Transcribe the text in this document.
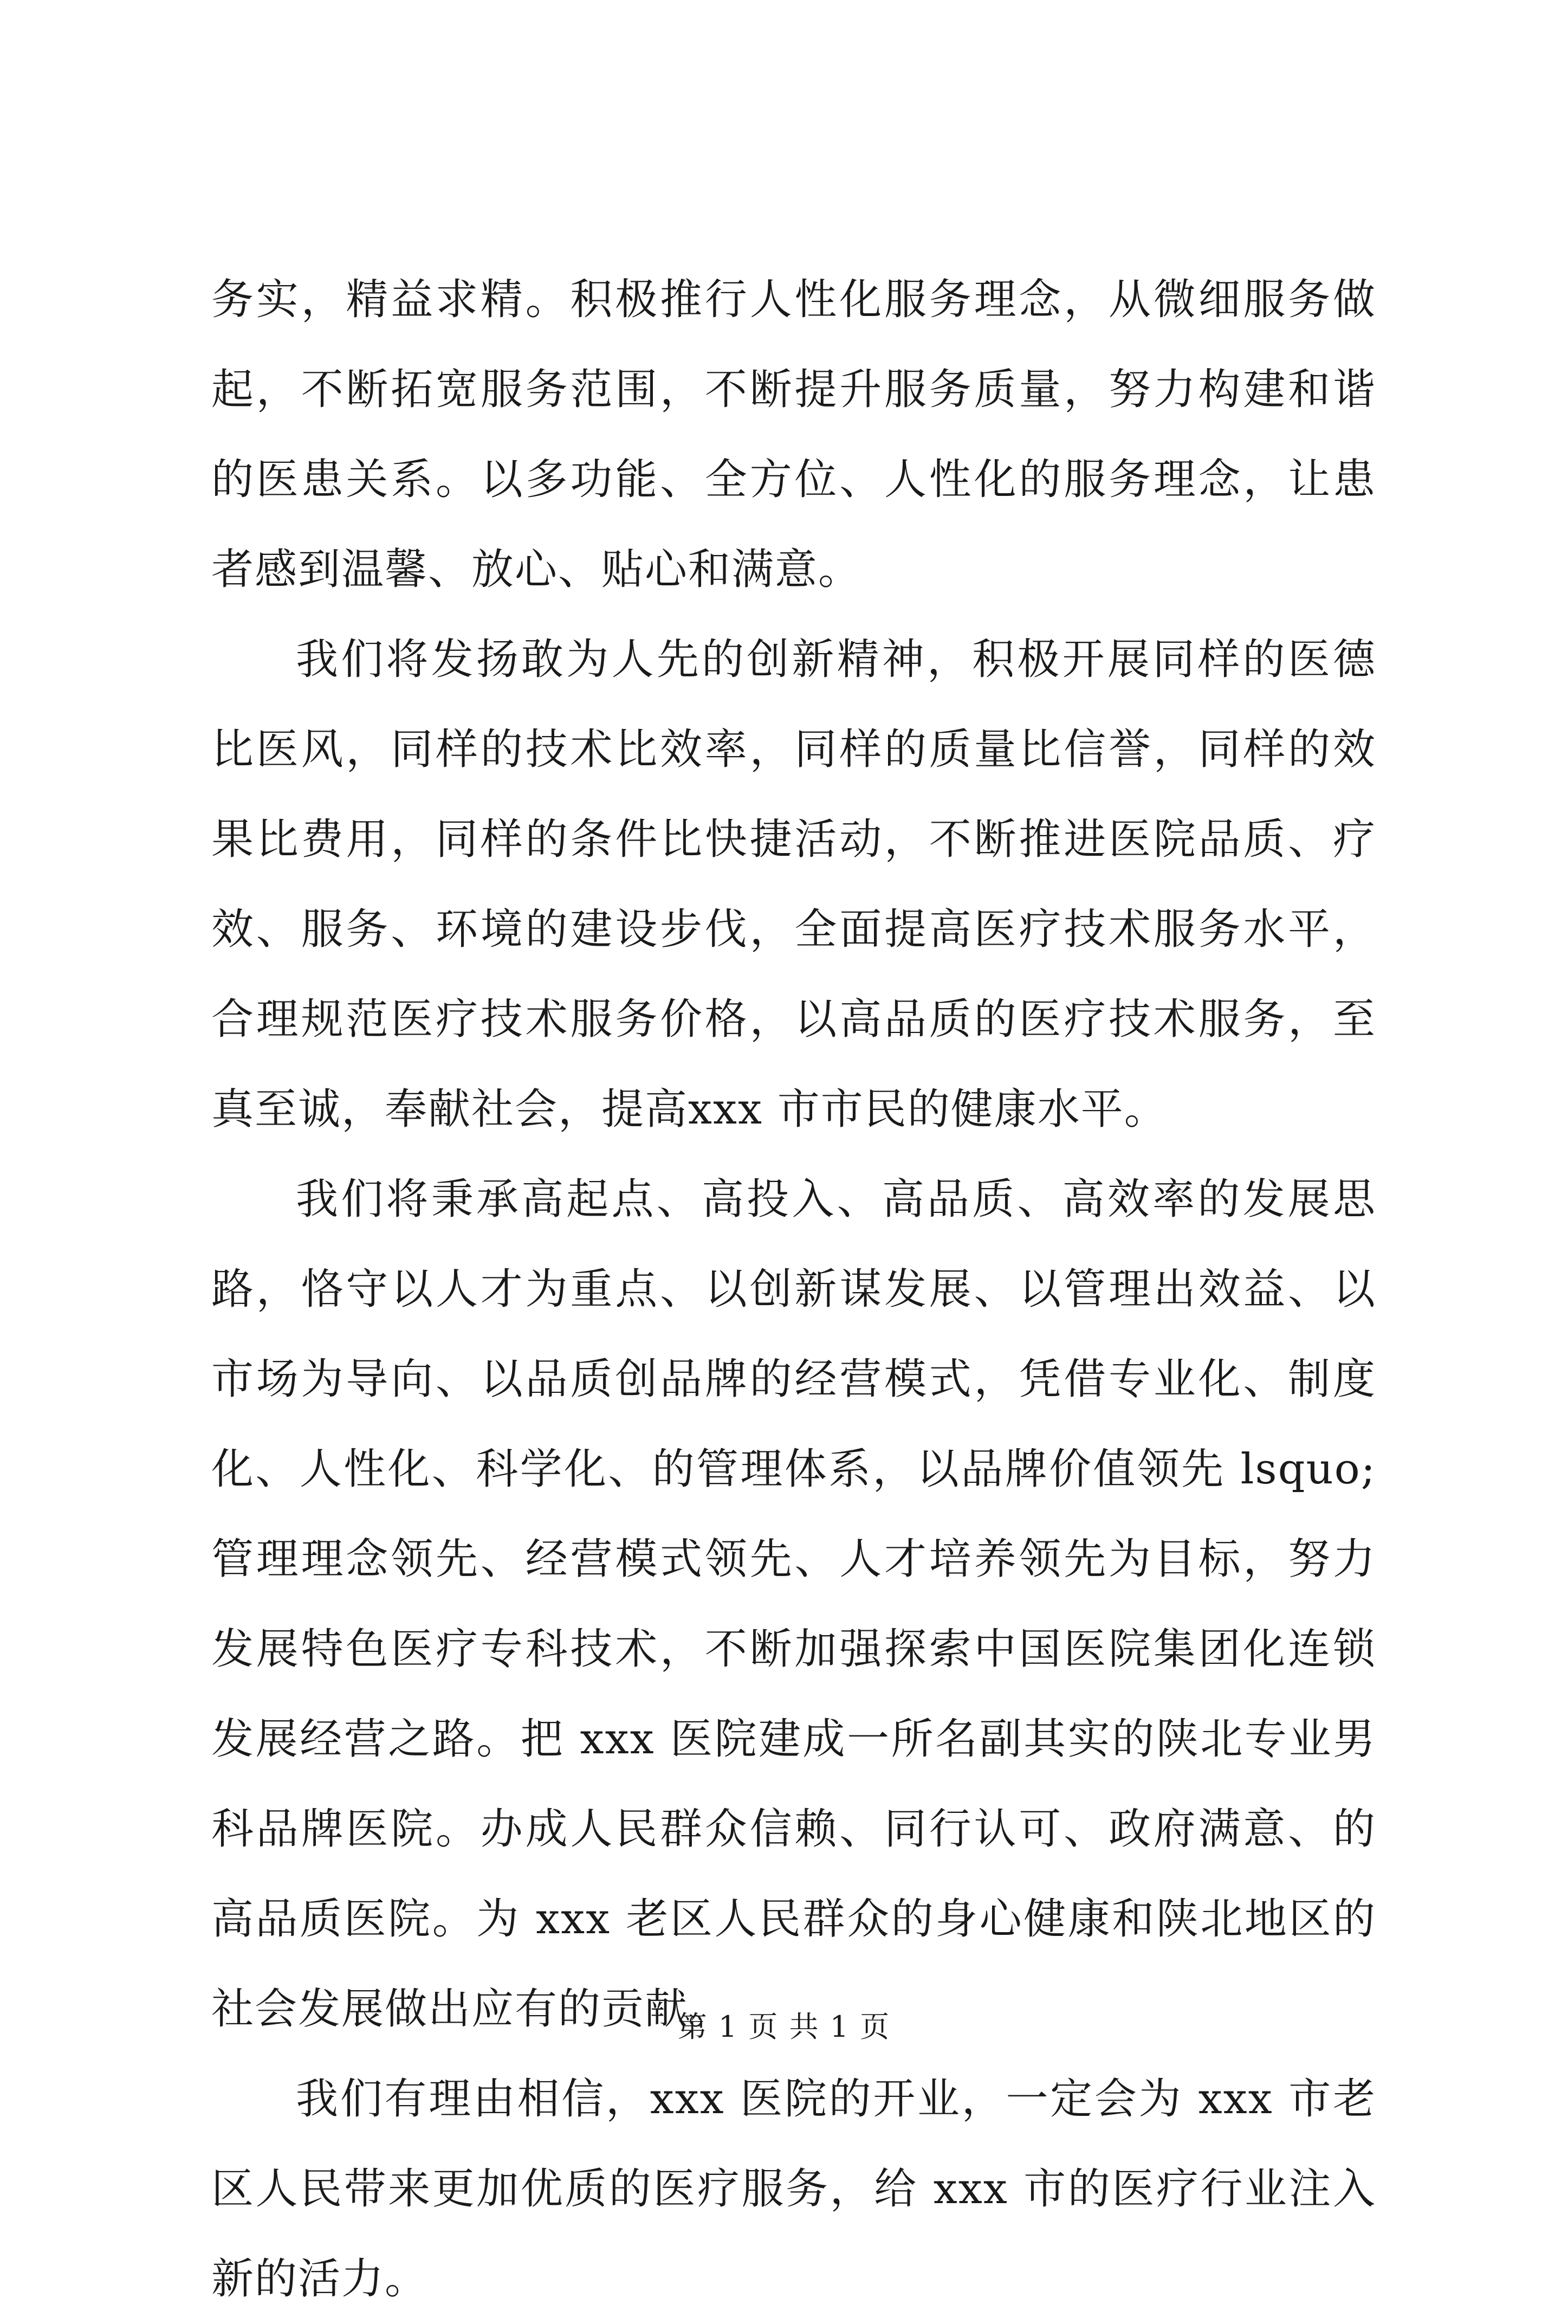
务实，精益求精。积极推行人性化服务理念，从微细服务做起，不断拓宽服务范围，不断提升服务质量，努力构建和谐的医患关系。以多功能、全方位、人性化的服务理念，让患者感到温馨、放心、贴心和满意。

我们将发扬敢为人先的创新精神，积极开展同样的医德比医风，同样的技术比效率，同样的质量比信誉，同样的效果比费用，同样的条件比快捷活动，不断推进医院品质、疗效、服务、环境的建设步伐，全面提高医疗技术服务水平，合理规范医疗技术服务价格，以高品质的医疗技术服务，至真至诚，奉献社会，提高xxx 市市民的健康水平。

我们将秉承高起点、高投入、高品质、高效率的发展思路，恪守以人才为重点、以创新谋发展、以管理出效益、以市场为导向、以品质创品牌的经营模式，凭借专业化、制度化、人性化、科学化、的管理体系，以品牌价值领先 lsquo;管理理念领先、经营模式领先、人才培养领先为目标，努力发展特色医疗专科技术，不断加强探索中国医院集团化连锁发展经营之路。把 xxx 医院建成一所名副其实的陕北专业男科品牌医院。办成人民群众信赖、同行认可、政府满意、的高品质医院。为 xxx 老区人民群众的身心健康和陕北地区的社会发展做出应有的贡献。

我们有理由相信，xxx 医院的开业，一定会为 xxx 市老区人民带来更加优质的医疗服务，给 xxx 市的医疗行业注入新的活力。

第 1 页 共 1 页
